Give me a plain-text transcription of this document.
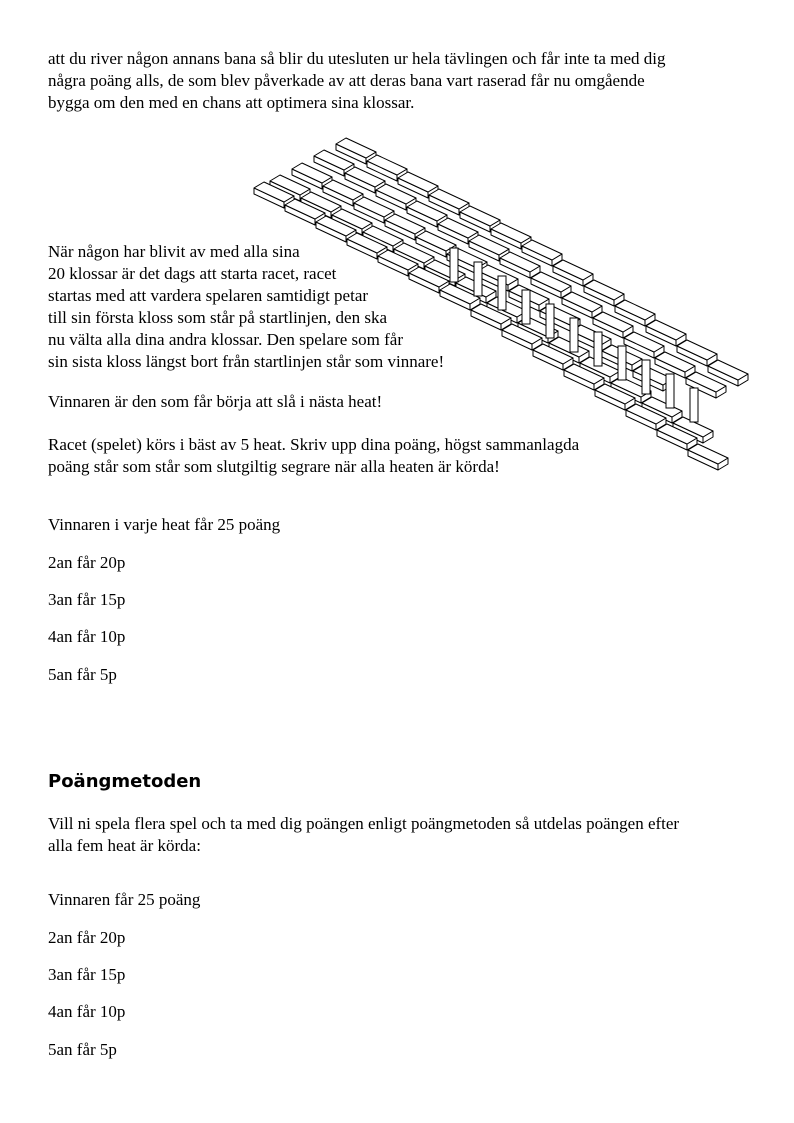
att du river någon annans bana så blir du utesluten ur hela tävlingen och får inte ta med dig
några poäng alls, de som blev påverkade av att deras bana vart raserad får nu omgående
bygga om den med en chans att optimera sina klossar.

När någon har blivit av med alla sina
20 klossar är det dags att starta racet, racet
startas med att vardera spelaren samtidigt petar
till sin första kloss som står på startlinjen, den ska
nu välta alla dina andra klossar. Den spelare som får
sin sista kloss längst bort från startlinjen står som vinnare!

Vinnaren är den som får börja att slå i nästa heat!

Racet (spelet) körs i bäst av 5 heat. Skriv upp dina poäng, högst sammanlagda
poäng står som står som slutgiltig segrare när alla heaten är körda!

Vinnaren i varje heat får 25 poäng

2an får 20p

3an får 15p

4an får 10p

5an får 5p

Poängmetoden

Vill ni spela flera spel och ta med dig poängen enligt poängmetoden så utdelas poängen efter
alla fem heat är körda:

Vinnaren får 25 poäng

2an får 20p

3an får 15p

4an får 10p

5an får 5p
